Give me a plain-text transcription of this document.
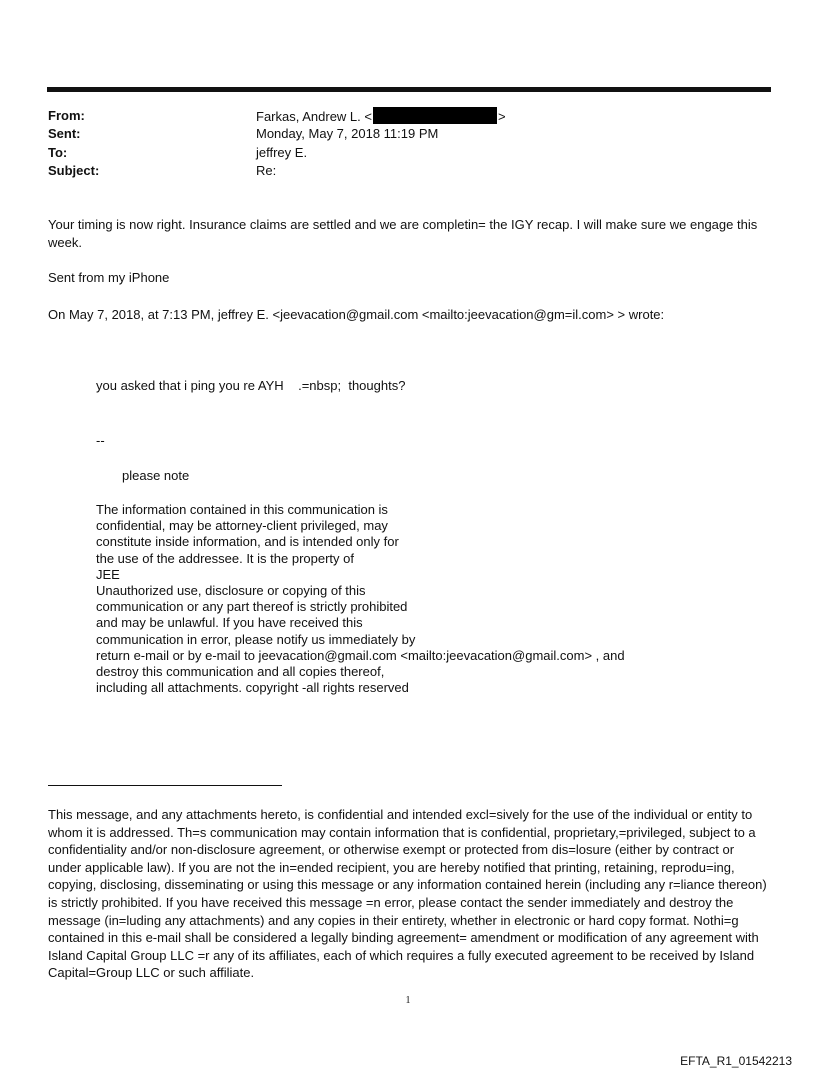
From:	Farkas, Andrew L. <	>
Sent:	Monday, May 7, 2018 11:19 PM
To:	jeffrey E.
Subject:	Re:
Your timing is now right. Insurance claims are settled and we are completin= the IGY recap. I will make sure we engage this week.
Sent from my iPhone
On May 7, 2018, at 7:13 PM, jeffrey E. <jeevacation@gmail.com <mailto:jeevacation@gm=il.com> > wrote:
you asked that i ping you re AYH    .=nbsp;  thoughts?
--
please note
The information contained in this communication is
confidential, may be attorney-client privileged, may
constitute inside information, and is intended only for
the use of the addressee. It is the property of
JEE
Unauthorized use, disclosure or copying of this
communication or any part thereof is strictly prohibited
and may be unlawful. If you have received this
communication in error, please notify us immediately by
return e-mail or by e-mail to jeevacation@gmail.com <mailto:jeevacation@gmail.com> , and
destroy this communication and all copies thereof,
including all attachments. copyright -all rights reserved
This message, and any attachments hereto, is confidential and intended excl=sively for the use of the individual or entity to whom it is addressed. Th=s communication may contain information that is confidential, proprietary,=privileged, subject to a confidentiality and/or non-disclosure agreement, or otherwise exempt or protected from dis=losure (either by contract or under applicable law). If you are not the in=ended recipient, you are hereby notified that printing, retaining, reprodu=ing, copying, disclosing, disseminating or using this message or any information contained herein (including any r=liance thereon) is strictly prohibited. If you have received this message =n error, please contact the sender immediately and destroy the message (in=luding any attachments) and any copies in their entirety, whether in electronic or hard copy format. Nothi=g contained in this e-mail shall be considered a legally binding agreement= amendment or modification of any agreement with Island Capital Group LLC =r any of its affiliates, each of which requires a fully executed agreement to be received by Island Capital=Group LLC or such affiliate.
1
EFTA_R1_01542213
